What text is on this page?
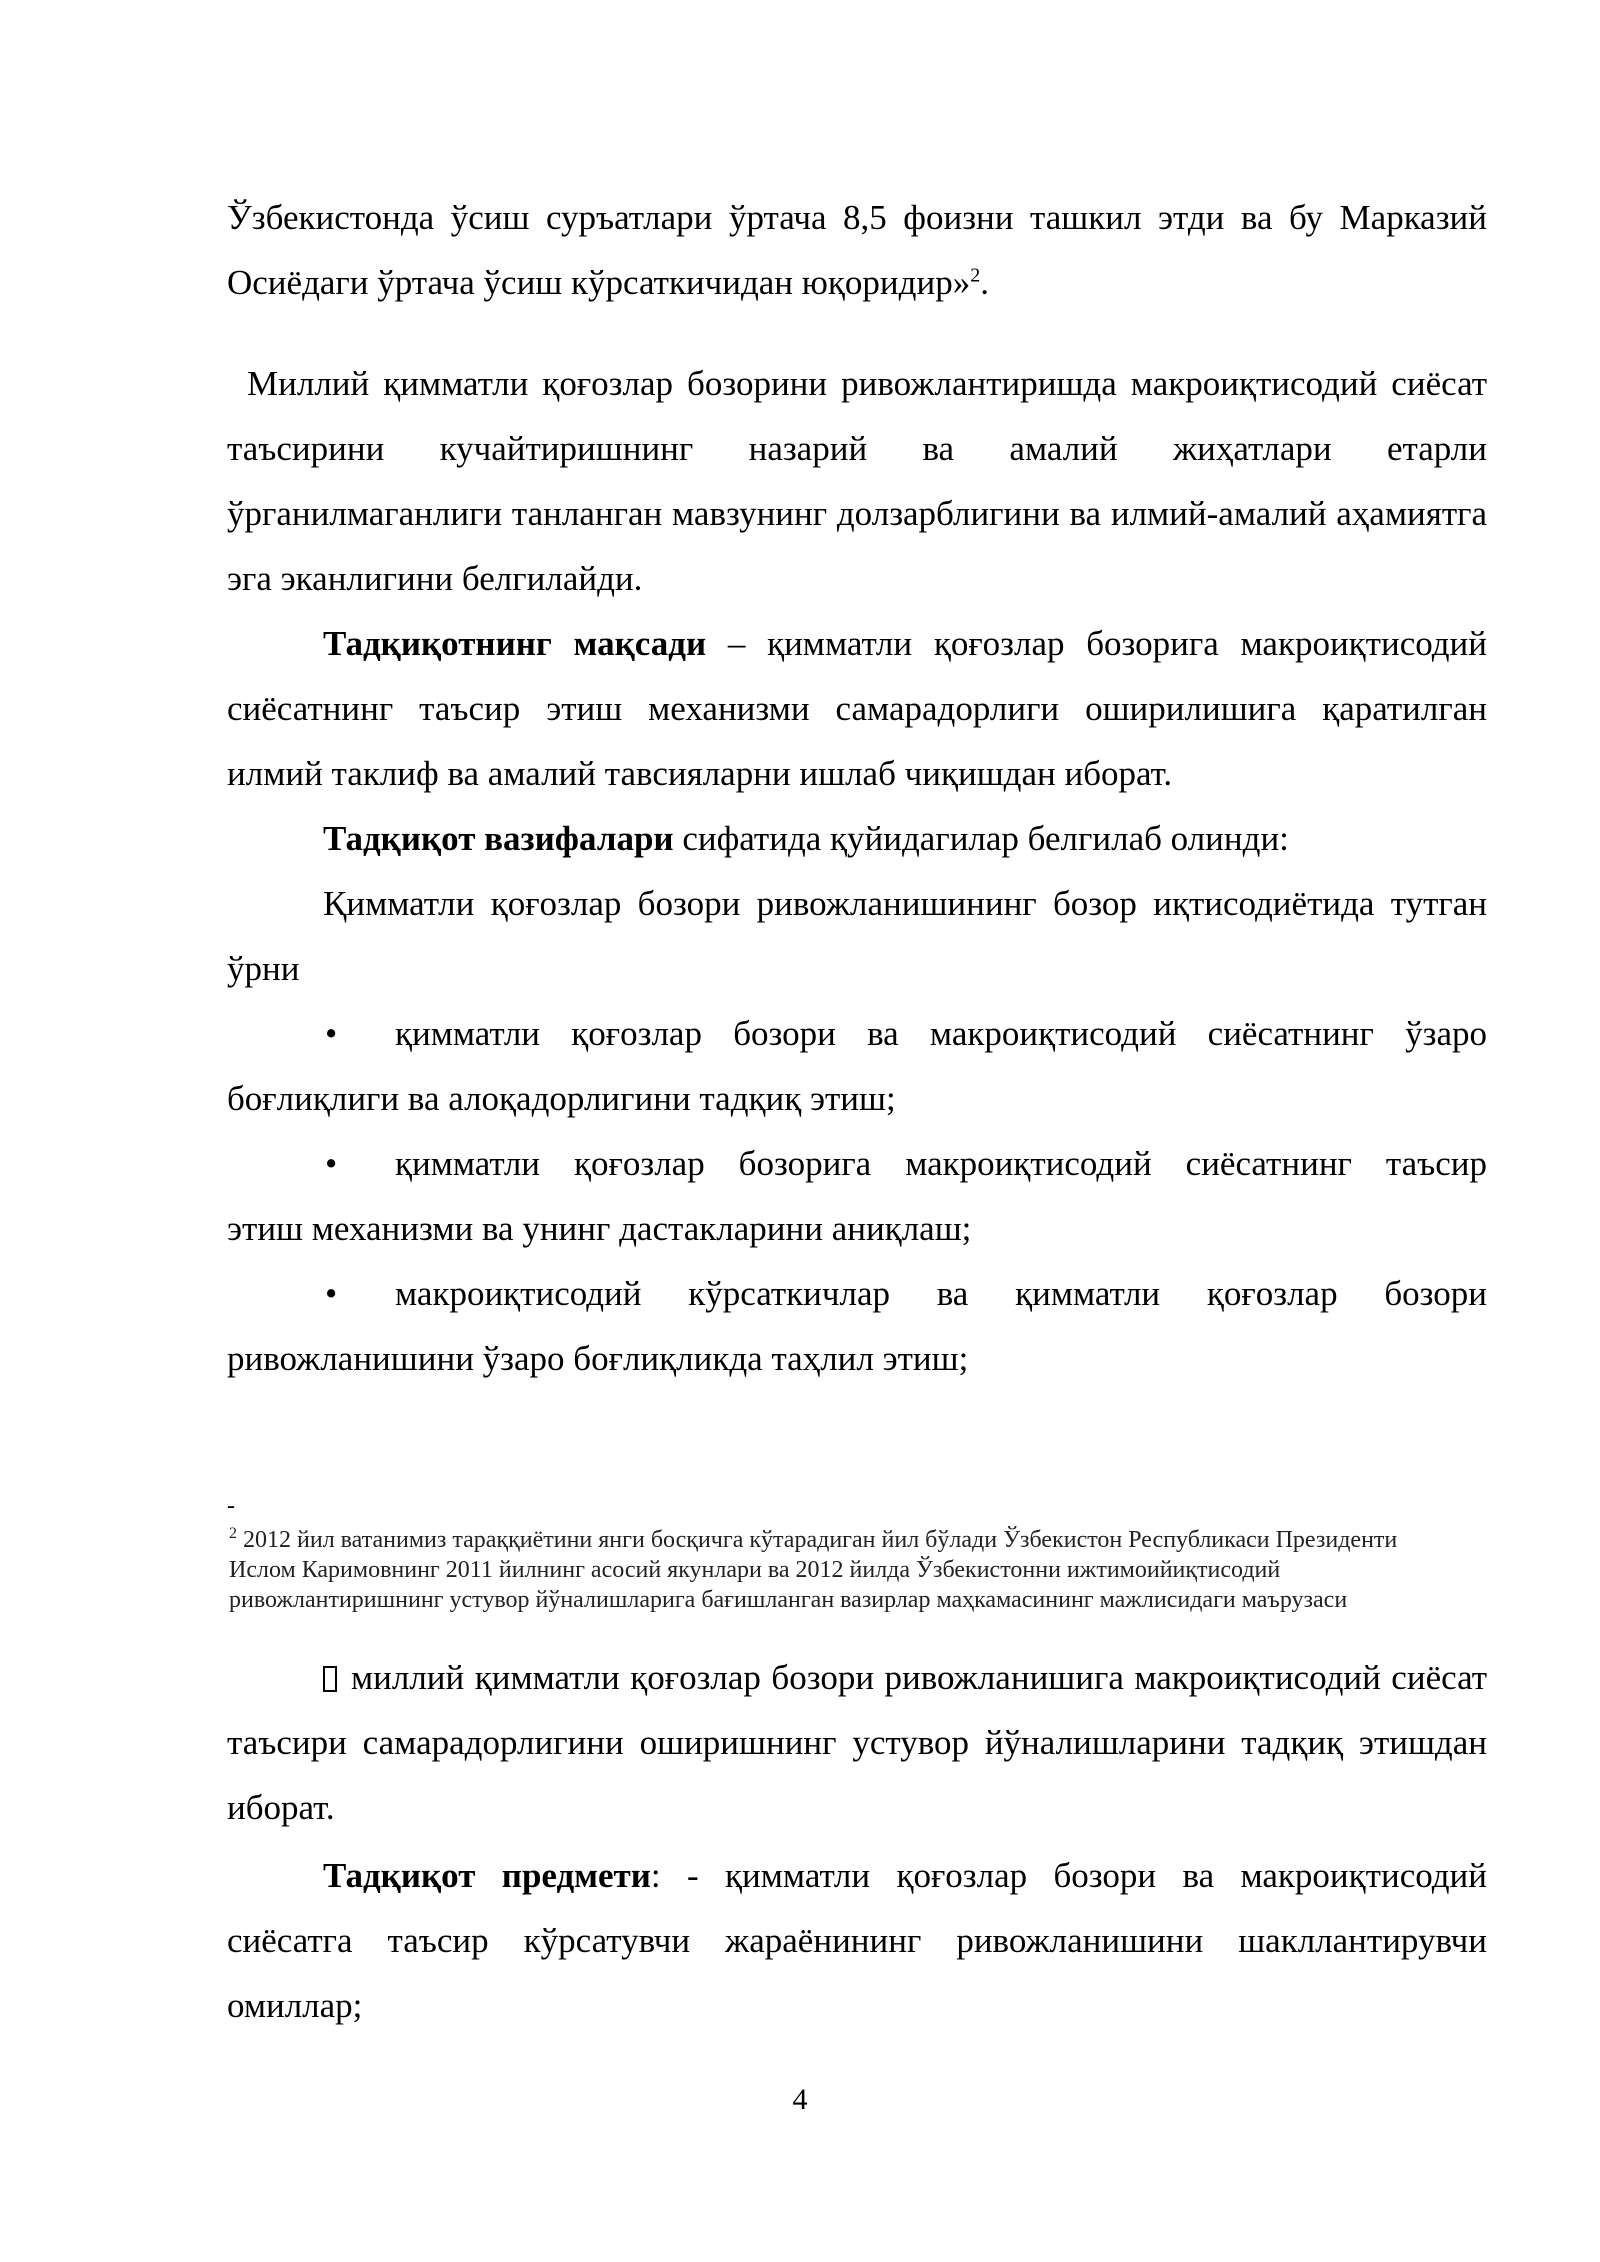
Ўзбекистонда ўсиш суръатлари ўртача 8,5 фоизни ташкил этди ва бу Марказий Осиёдаги ўртача ўсиш кўрсаткичидан юқоридир»$^2$.

Миллий қимматли қоғозлар бозорини ривожлантиришда макроиқтисодий сиёсат таъсирини кучайтиришнинг назарий ва амалий жиҳатлари етарли ўрганилмаганлиги танланган мавзунинг долзарблигини ва илмий-амалий аҳамиятга эга эканлигини белгилайди.

Тадқиқотнинг мақсади – қимматли қоғозлар бозорига макроиқтисодий сиёсатнинг таъсир этиш механизми самарадорлиги оширилишига қаратилган илмий таклиф ва амалий тавсияларни ишлаб чиқишдан иборат.

Тадқиқот вазифалари сифатида қуйидагилар белгилаб олинди:

Қимматли қоғозлар бозори ривожланишининг бозор иқтисодиётида тутган ўрни

• қимматли қоғозлар бозори ва макроиқтисодий сиёсатнинг ўзаро
боғлиқлиги ва алоқадорлигини тадқиқ этиш;
• қимматли қоғозлар бозорига макроиқтисодий сиёсатнинг таъсир
этиш механизми ва унинг дастакларини аниқлаш;
• макроиқтисодий кўрсаткичлар ва қимматли қоғозлар бозори
ривожланишини ўзаро боғлиқликда таҳлил этиш;
-

$^2$ 2012 йил ватанимиз тараққиётини янги босқичга кўтарадиган йил бўлади Ўзбекистон Республикаси Президенти Ислом Каримовнинг 2011 йилнинг асосий якунлари ва 2012 йилда Ўзбекистонни ижтимоийиқтисодий ривожлантиришнинг устувор йўналишларига бағишланган вазирлар маҳкамасининг мажлисидаги маърузаси

миллий қимматли қоғозлар бозори ривожланишига макроиқтисодий сиёсат таъсири самарадорлигини оширишнинг устувор йўналишларини тадқиқ этишдан иборат.

Тадқиқот предмети: - қимматли қоғозлар бозори ва макроиқтисодий сиёсатга таъсир кўрсатувчи жараёнининг ривожланишини шакллантирувчи омиллар;

4
